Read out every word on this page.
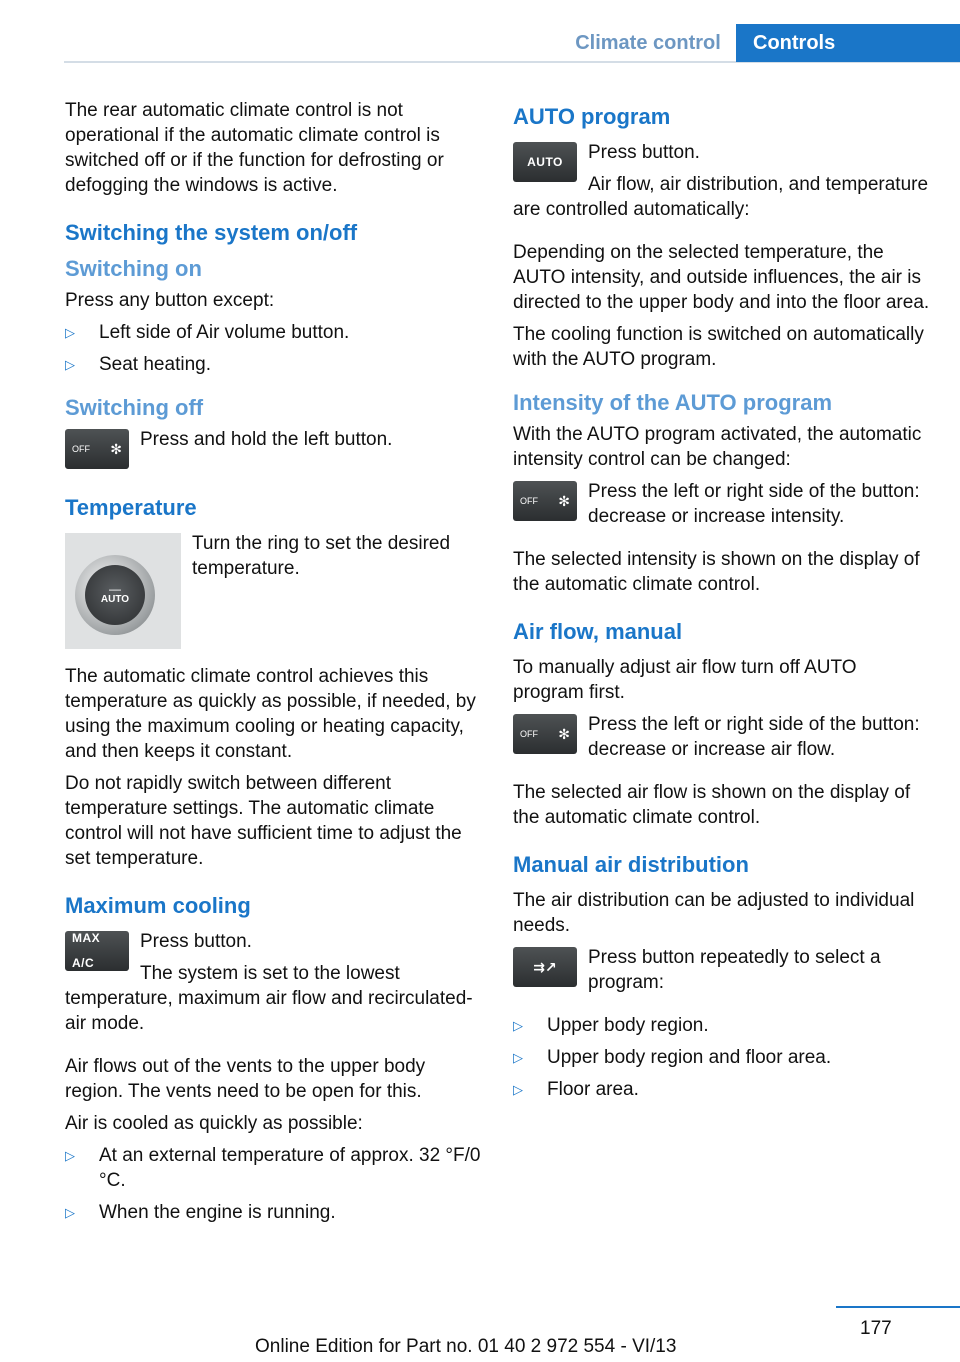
Climate control	Controls

The rear automatic climate control is not operational if the automatic climate control is switched off or if the function for defrosting or defogging the windows is active.

Switching the system on/off
Switching on

Press any button except:

▷ Left side of Air volume button.
▷ Seat heating.
Switching off
OFF ✻ Press and hold the left button.
Temperature
—
AUTO
Turn the ring to set the desired temperature.

The automatic climate control achieves this temperature as quickly as possible, if needed, by using the maximum cooling or heating capacity, and then keeps it constant.

Do not rapidly switch between different temperature settings. The automatic climate control will not have sufficient time to adjust the set temperature.

Maximum cooling
MAX A/C
Press button.
The system is set to the lowest temperature, maximum air flow and recirculated-air mode.

Air flows out of the vents to the upper body region. The vents need to be open for this.

Air is cooled as quickly as possible:

▷ At an external temperature of approx. 32 °F/0 °C.
▷ When the engine is running.
AUTO program
AUTO	Press button.
Air flow, air distribution, and temperature are controlled automatically:

Depending on the selected temperature, the AUTO intensity, and outside influences, the air is directed to the upper body and into the floor area.

The cooling function is switched on automatically with the AUTO program.

Intensity of the AUTO program

With the AUTO program activated, the automatic intensity control can be changed:

OFF ✻ Press the left or right side of the button: decrease or increase intensity.

The selected intensity is shown on the display of the automatic climate control.

Air flow, manual

To manually adjust air flow turn off AUTO program first.

OFF ✻ Press the left or right side of the button: decrease or increase air flow.

The selected air flow is shown on the display of the automatic climate control.

Manual air distribution

The air distribution can be adjusted to individual needs.

⇉↗ Press button repeatedly to select a program:
▷ Upper body region.
▷ Upper body region and floor area.
▷ Floor area.
177
Online Edition for Part no. 01 40 2 972 554 - VI/13
